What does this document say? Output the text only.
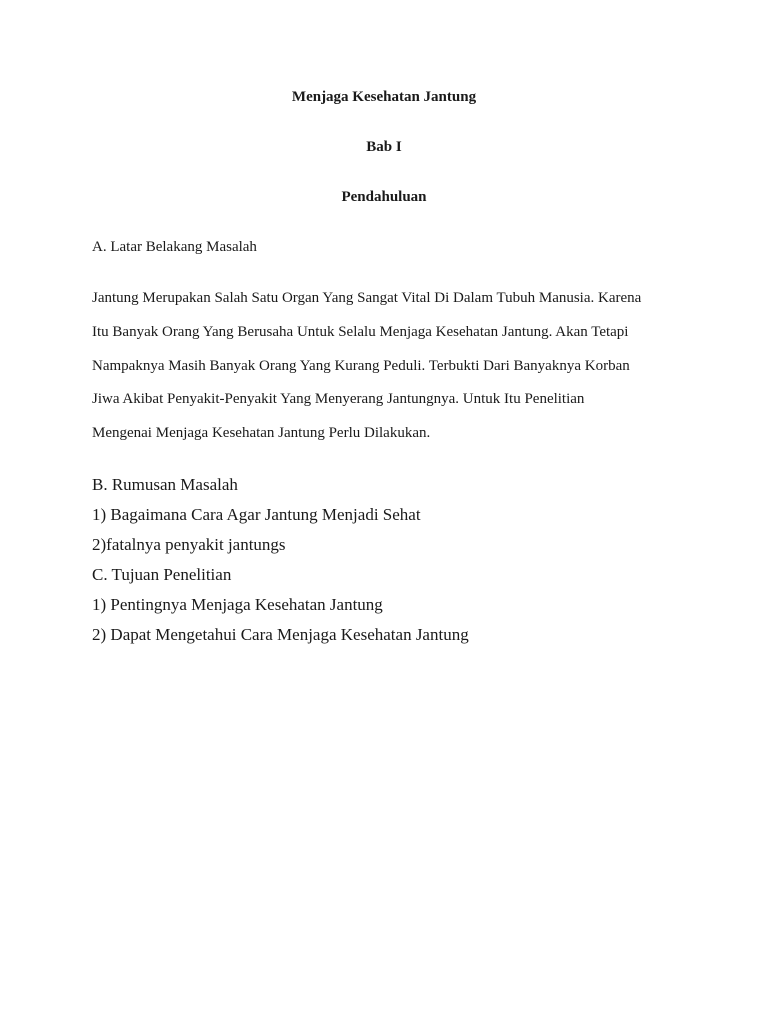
Menjaga Kesehatan Jantung
Bab I
Pendahuluan

A. Latar Belakang Masalah

Jantung Merupakan Salah Satu Organ Yang Sangat Vital Di Dalam Tubuh Manusia. Karena

Itu Banyak Orang Yang Berusaha Untuk Selalu Menjaga Kesehatan Jantung. Akan Tetapi

Nampaknya Masih Banyak Orang Yang Kurang Peduli. Terbukti Dari Banyaknya Korban

Jiwa Akibat Penyakit-Penyakit Yang Menyerang Jantungnya. Untuk Itu Penelitian

Mengenai Menjaga Kesehatan Jantung Perlu Dilakukan.

B. Rumusan Masalah

1) Bagaimana Cara Agar Jantung Menjadi Sehat

2)fatalnya penyakit jantungs

C. Tujuan Penelitian

1) Pentingnya Menjaga Kesehatan Jantung

2) Dapat Mengetahui Cara Menjaga Kesehatan Jantung
